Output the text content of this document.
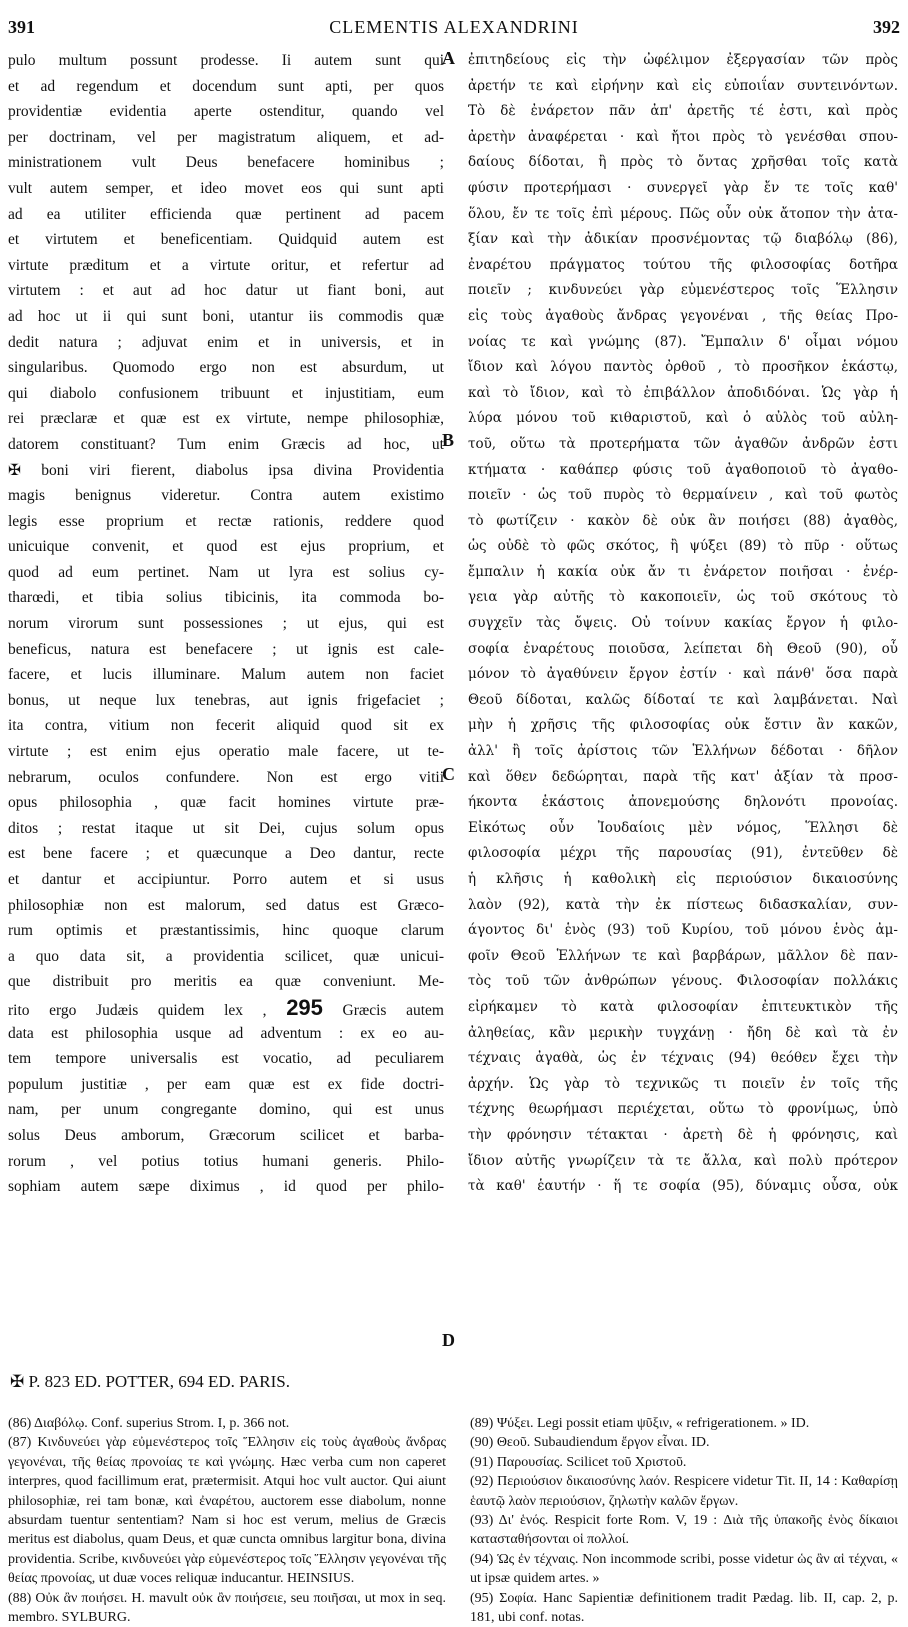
391	CLEMENTIS ALEXANDRINI	392
pulo multum possunt prodesse. Ii autem sunt qui
et ad regendum et docendum sunt apti, per quos
providentiæ evidentia aperte ostenditur, quando vel
per doctrinam, vel per magistratum aliquem, et ad-
ministrationem vult Deus benefacere hominibus ;
vult autem semper, et ideo movet eos qui sunt apti
ad ea utiliter efficienda quæ pertinent ad pacem
et virtutem et beneficentiam. Quidquid autem est
virtute præditum et a virtute oritur, et refertur ad
virtutem : et aut ad hoc datur ut fiant boni, aut
ad hoc ut ii qui sunt boni, utantur iis commodis quæ
dedit natura ; adjuvat enim et in universis, et in
singularibus. Quomodo ergo non est absurdum, ut
qui diabolo confusionem tribuunt et injustitiam, eum
rei præclaræ et quæ est ex virtute, nempe philosophiæ,
datorem constituant? Tum enim Græcis ad hoc, ut
✠ boni viri fierent, diabolus ipsa divina Providentia
magis benignus videretur. Contra autem existimo
legis esse proprium et rectæ rationis, reddere quod
unicuique convenit, et quod est ejus proprium, et
quod ad eum pertinet. Nam ut lyra est solius cy-
tharœdi, et tibia solius tibicinis, ita commoda bo-
norum virorum sunt possessiones ; ut ejus, qui est
beneficus, natura est benefacere ; ut ignis est cale-
facere, et lucis illuminare. Malum autem non faciet
bonus, ut neque lux tenebras, aut ignis frigefaciet ;
ita contra, vitium non fecerit aliquid quod sit ex
virtute ; est enim ejus operatio male facere, ut te-
nebrarum, oculos confundere. Non est ergo vitii
opus philosophia , quæ facit homines virtute præ-
ditos ; restat itaque ut sit Dei, cujus solum opus
est bene facere ; et quæcunque a Deo dantur, recte
et dantur et accipiuntur. Porro autem et si usus
philosophiæ non est malorum, sed datus est Græco-
rum optimis et præstantissimis, hinc quoque clarum
a quo data sit, a providentia scilicet, quæ unicui-
que distribuit pro meritis ea quæ conveniunt. Me-
rito ergo Judæis quidem lex , 295 Græcis autem
data est philosophia usque ad adventum : ex eo au-
tem tempore universalis est vocatio, ad peculiarem
populum justitiæ , per eam quæ est ex fide doctri-
nam, per unum congregante domino, qui est unus
solus Deus amborum, Græcorum scilicet et barba-
rorum , vel potius totius humani generis. Philo-
sophiam autem sæpe diximus , id quod per philo-
ἐπιτηδείους εἰς τὴν ὠφέλιμον ἐξεργασίαν τῶν πρὸς
ἀρετήν τε καὶ εἰρήνην καὶ εἰς εὐποιΐαν συντεινόντων.
Τὸ δὲ ἐνάρετον πᾶν ἀπ' ἀρετῆς τέ ἐστι, καὶ πρὸς
ἀρετὴν ἀναφέρεται · καὶ ἤτοι πρὸς τὸ γενέσθαι σπου-
δαίους δίδοται, ἢ πρὸς τὸ ὄντας χρῆσθαι τοῖς κατὰ
φύσιν προτερήμασι · συνεργεῖ γὰρ ἔν τε τοῖς καθ'
ὅλου, ἔν τε τοῖς ἐπὶ μέρους. Πῶς οὖν οὐκ ἄτοπον τὴν ἀτα-
ξίαν καὶ τὴν ἀδικίαν προσνέμοντας τῷ διαβόλῳ (86),
ἐναρέτου πράγματος τούτου τῆς φιλοσοφίας δοτῆρα
ποιεῖν ; κινδυνεύει γὰρ εὐμενέστερος τοῖς Ἕλλησιν
εἰς τοὺς ἀγαθοὺς ἄνδρας γεγονέναι , τῆς θείας Προ-
νοίας τε καὶ γνώμης (87). Ἔμπαλιν δ' οἶμαι νόμου
ἴδιον καὶ λόγου παντὸς ὀρθοῦ , τὸ προσῆκον ἑκάστῳ,
καὶ τὸ ἴδιον, καὶ τὸ ἐπιβάλλον ἀποδιδόναι. Ὡς γὰρ ἡ
λύρα μόνου τοῦ κιθαριστοῦ, καὶ ὁ αὐλὸς τοῦ αὐλη-
τοῦ, οὕτω τὰ προτερήματα τῶν ἀγαθῶν ἀνδρῶν ἐστι
κτήματα · καθάπερ φύσις τοῦ ἀγαθοποιοῦ τὸ ἀγαθο-
ποιεῖν · ὡς τοῦ πυρὸς τὸ θερμαίνειν , καὶ τοῦ φωτὸς
τὸ φωτίζειν · κακὸν δὲ οὐκ ἂν ποιήσει (88) ἀγαθὸς,
ὡς οὐδὲ τὸ φῶς σκότος, ἢ ψύξει (89) τὸ πῦρ · οὕτως
ἔμπαλιν ἡ κακία οὐκ ἄν τι ἐνάρετον ποιῆσαι · ἐνέρ-
γεια γὰρ αὐτῆς τὸ κακοποιεῖν, ὡς τοῦ σκότους τὸ
συγχεῖν τὰς ὄψεις. Οὐ τοίνυν κακίας ἔργον ἡ φιλο-
σοφία ἐναρέτους ποιοῦσα, λείπεται δὴ Θεοῦ (90), οὗ
μόνον τὸ ἀγαθύνειν ἔργον ἐστίν · καὶ πάνθ' ὅσα παρὰ
Θεοῦ δίδοται, καλῶς δίδοταί τε καὶ λαμβάνεται. Ναὶ
μὴν ἡ χρῆσις τῆς φιλοσοφίας οὐκ ἔστιν ἂν κακῶν,
ἀλλ' ἢ τοῖς ἀρίστοις τῶν Ἑλλήνων δέδοται · δῆλον
καὶ ὅθεν δεδώρηται, παρὰ τῆς κατ' ἀξίαν τὰ προσ-
ήκοντα ἑκάστοις ἀπονεμούσης δηλονότι προνοίας.
Εἰκότως οὖν Ἰουδαίοις μὲν νόμος, Ἕλλησι δὲ
φιλοσοφία μέχρι τῆς παρουσίας (91), ἐντεῦθεν δὲ
ἡ κλῆσις ἡ καθολικὴ εἰς περιούσιον δικαιοσύνης
λαὸν (92), κατὰ τὴν ἐκ πίστεως διδασκαλίαν, συν-
άγοντος δι' ἑνὸς (93) τοῦ Κυρίου, τοῦ μόνου ἑνὸς ἀμ-
φοῖν Θεοῦ Ἑλλήνων τε καὶ βαρβάρων, μᾶλλον δὲ παν-
τὸς τοῦ τῶν ἀνθρώπων γένους. Φιλοσοφίαν πολλάκις
εἰρήκαμεν τὸ κατὰ φιλοσοφίαν ἐπιτευκτικὸν τῆς
ἀληθείας, κἂν μερικὴν τυγχάνῃ · ἤδη δὲ καὶ τὰ ἐν
τέχναις ἀγαθὰ, ὡς ἐν τέχναις (94) θεόθεν ἔχει τὴν
ἀρχήν. Ὡς γὰρ τὸ τεχνικῶς τι ποιεῖν ἐν τοῖς τῆς
τέχνης θεωρήμασι περιέχεται, οὕτω τὸ φρονίμως, ὑπὸ
τὴν φρόνησιν τέτακται · ἀρετὴ δὲ ἡ φρόνησις, καὶ
ἴδιον αὐτῆς γνωρίζειν τὰ τε ἄλλα, καὶ πολὺ πρότερον
τὰ καθ' ἑαυτήν · ἥ τε σοφία (95), δύναμις οὖσα, οὐκ
A
B
C
D
✠ P. 823 ED. POTTER, 694 ED. PARIS.

(86) Διαβόλῳ. Conf. superius Strom. I, p. 366 not.

(87) Κινδυνεύει γὰρ εὐμενέστερος τοῖς Ἕλλησιν εἰς τοὺς ἀγαθοὺς ἄνδρας γεγονέναι, τῆς θείας προνοίας τε καὶ γνώμης. Hæc verba cum non caperet interpres, quod facillimum erat, prætermisit. Atqui hoc vult auctor. Qui aiunt philosophiæ, rei tam bonæ, καὶ ἐναρέτου, auctorem esse diabolum, nonne absurdam tuentur sententiam? Nam si hoc est verum, melius de Græcis meritus est diabolus, quam Deus, et quæ cuncta omnibus largitur bona, divina providentia. Scribe, κινδυνεύει γὰρ εὐμενέστερος τοῖς Ἕλλησιν γεγονέναι τῆς θείας προνοίας, ut duæ voces reliquæ inducantur. HEINSIUS.

(88) Οὐκ ἂν ποιήσει. H. mavult οὐκ ἂν ποιήσειε, seu ποιῆσαι, ut mox in seq. membro. SYLBURG.

(89) Ψύξει. Legi possit etiam ψῦξιν, « refrigerationem. » ID.

(90) Θεοῦ. Subaudiendum ἔργον εἶναι. ID.

(91) Παρουσίας. Scilicet τοῦ Χριστοῦ.

(92) Περιούσιον δικαιοσύνης λαόν. Respicere videtur Tit. II, 14 : Καθαρίσῃ ἑαυτῷ λαὸν περιούσιον, ζηλωτὴν καλῶν ἔργων.

(93) Δι' ἑνός. Respicit forte Rom. V, 19 : Διὰ τῆς ὑπακοῆς ἑνὸς δίκαιοι κατασταθήσονται οἱ πολλοί.

(94) Ὡς ἐν τέχναις. Non incommode scribi, posse videtur ὡς ἂν αἱ τέχναι, « ut ipsæ quidem artes. »

(95) Σοφία. Hanc Sapientiæ definitionem tradit Pædag. lib. II, cap. 2, p. 181, ubi conf. notas.
